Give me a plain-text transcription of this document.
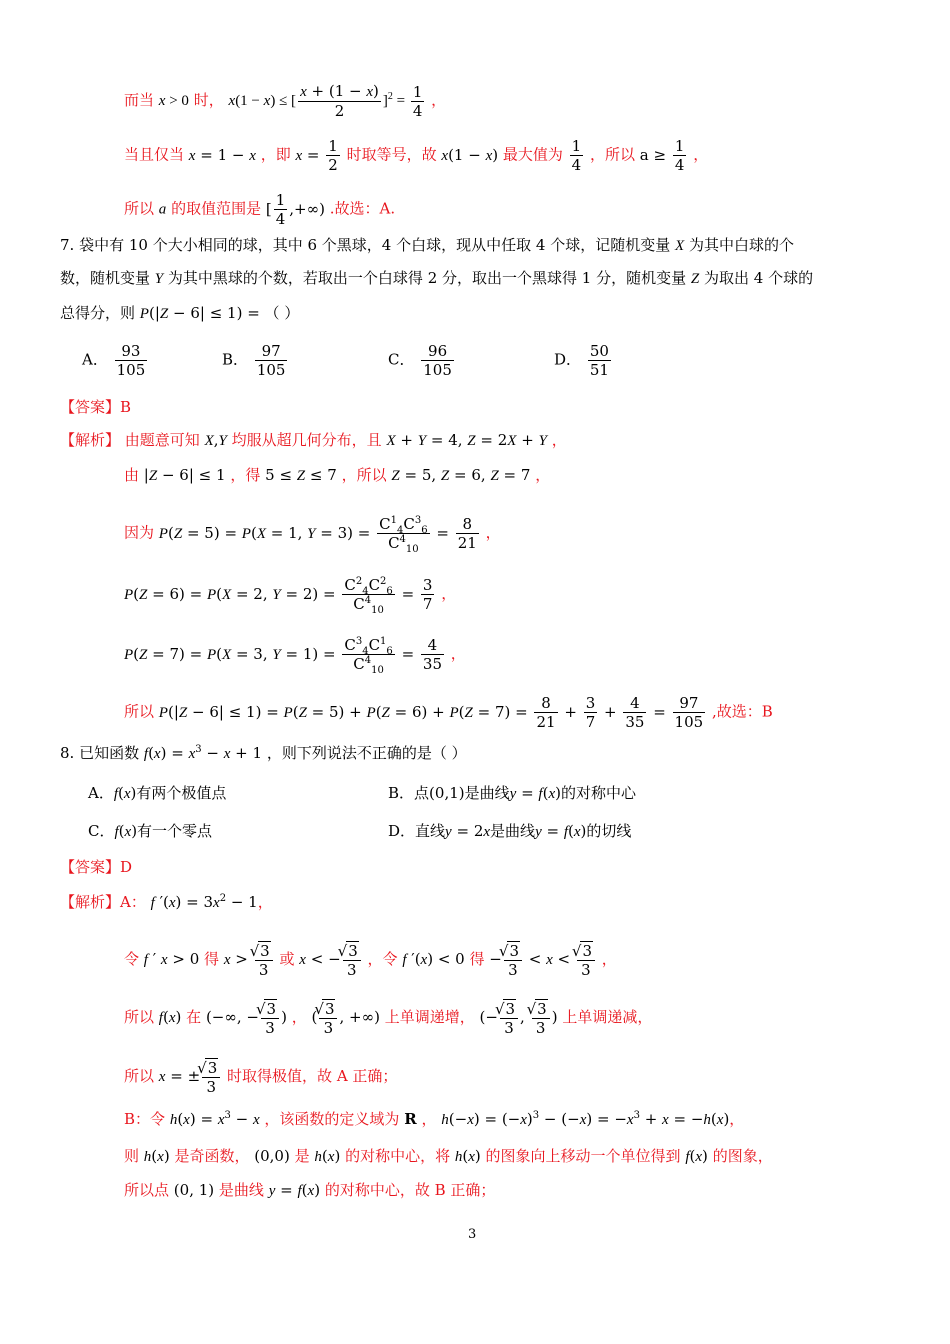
而当 x > 0 时， x(1 − x) ≤ [ $\frac{x + (1 - x)}{2} ]^2 = \frac{1}{4}$ ，
当且仅当 x = 1 − x ，即 $x = \frac{1}{2}$ 时取等号，故 x(1 − x) 最大值为 $\frac{1}{4}$ ，所以 $a \ge \frac{1}{4}$ ，
所以 a 的取值范围是 [ $\frac{1}{4}$ ,+∞) .故选：A.
7. 袋中有 10 个大小相同的球，其中 6 个黑球，4 个白球，现从中任取 4 个球，记随机变量 X 为其中白球的个
数，随机变量 Y 为其中黑球的个数，若取出一个白球得 2 分，取出一个黑球得 1 分，随机变量 Z 为取出 4 个球的
总得分，则 P(|Z − 6| ≤ 1) = （ ）
A． $\frac{93}{105}$	B． $\frac{97}{105}$	C． $\frac{96}{105}$	D． $\frac{50}{51}$
【答案】B
【解析】 由题意可知 X,Y 均服从超几何分布，且 X + Y = 4, Z = 2X + Y ，
由 |Z − 6| ≤ 1 ，得 5 ≤ Z ≤ 7 ，所以 Z = 5, Z = 6, Z = 7 ，
因为 P(Z = 5) = P(X = 1, $Y = 3) = \frac{C^1_4C^3_6}{C^4_{10}} = \frac{8}{21}$ ，
P(Z = 6) = P(X = 2, $Y = 2) = \frac{C^2_4C^2_6}{C^4_{10}} = \frac{3}{7}$ ，
P(Z = 7) = P(X = 3, $Y = 1) = \frac{C^3_4C^1_6}{C^4_{10}} = \frac{4}{35}$ ，
所以 $P(|Z - 6| \le 1) = P(Z = 5) + P(Z = 6) + P(Z = 7) = \frac{8}{21} + \frac{3}{7} + \frac{4}{35} = \frac{97}{105}$ ,故选：B
8. 已知函数 $f(x) = x^3 - x + 1$ ，则下列说法不正确的是（ ）
A．f(x)有两个极值点	B．点(0,1)是曲线y = f(x)的对称中心
C．f(x)有一个零点	D．直线y = 2x是曲线y = f(x)的切线
【答案】D
【解析】A： f $'(x) = 3x^2 - 1$，
令 f ′ x > 0 得 x > √ $\frac{3}{3}$ 或 x < − √ $\frac{3}{3}$ ，令 f ′(x) < 0 得 − √ $\frac{3}{3} < x$ < √ $\frac{3}{3}$ ，
所以 f(x) 在 (−∞, − √ $\frac{3}{3}$ ) ， ( √ $\frac{3}{3}$ , +∞) 上单调递增， (− √ $\frac{3}{3}$ , √ $\frac{3}{3}$ ) 上单调递减，
所以 x = ± √ $\frac{3}{3}$ 时取得极值，故 A 正确；
B：令 $h(x) = x^3 - x$ ，该函数的定义域为 R ， $h(-x) = (-x)^3 - (-x) = -x^3 + x = -h(x)$，
则 h(x) 是奇函数， (0,0) 是 h(x) 的对称中心，将 h(x) 的图象向上移动一个单位得到 f(x) 的图象，
所以点 (0, 1) 是曲线 y = f(x) 的对称中心，故 B 正确；
3
